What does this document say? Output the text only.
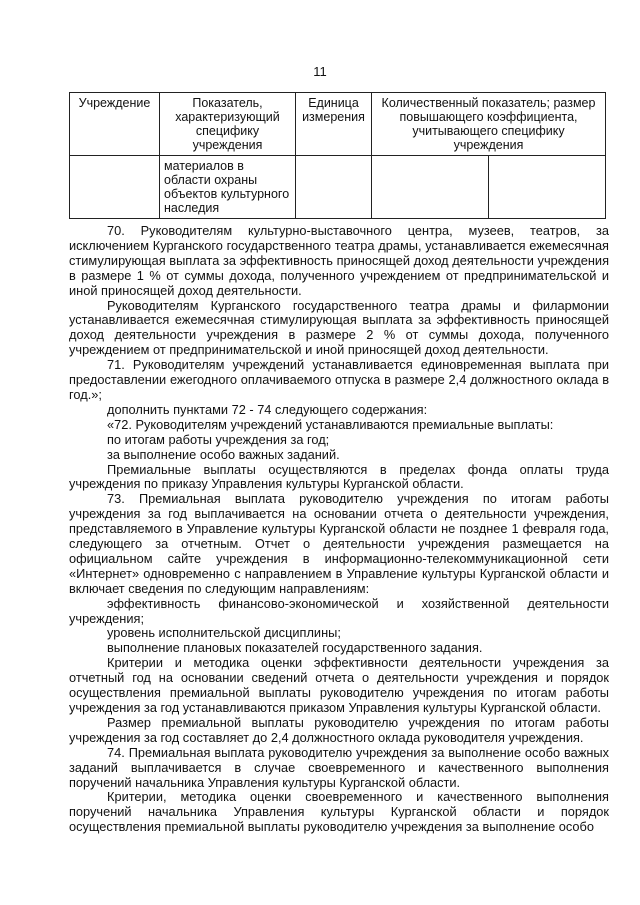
11
Учреждение	Показатель, характеризующий специфику учреждения	Единица измерения	Количественный показатель; размер повышающего коэффициента, учитывающего специфику учреждения	
	материалов в области охраны объектов культурного наследия			

70. Руководителям культурно-выставочного центра, музеев, театров, за исключением Курганского государственного театра драмы, устанавливается ежемесячная стимулирующая выплата за эффективность приносящей доход деятельности учреждения в размере 1 % от суммы дохода, полученного учреждением от предпринимательской и иной приносящей доход деятельности.

Руководителям Курганского государственного театра драмы и филармонии устанавливается ежемесячная стимулирующая выплата за эффективность приносящей доход деятельности учреждения в размере 2 % от суммы дохода, полученного учреждением от предпринимательской и иной приносящей доход деятельности.

71. Руководителям учреждений устанавливается единовременная выплата при предоставлении ежегодного оплачиваемого отпуска в размере 2,4 должностного оклада в год.»;

дополнить пунктами 72 - 74 следующего содержания:

«72. Руководителям учреждений устанавливаются премиальные выплаты:

по итогам работы учреждения за год;

за выполнение особо важных заданий.

Премиальные выплаты осуществляются в пределах фонда оплаты труда учреждения по приказу Управления культуры Курганской области.

73. Премиальная выплата руководителю учреждения по итогам работы учреждения за год выплачивается на основании отчета о деятельности учреждения, представляемого в Управление культуры Курганской области не позднее 1 февраля года, следующего за отчетным. Отчет о деятельности учреждения размещается на официальном сайте учреждения в информационно-телекоммуникационной сети «Интернет» одновременно с направлением в Управление культуры Курганской области и включает сведения по следующим направлениям:

эффективность финансово-экономической и хозяйственной деятельности учреждения;

уровень исполнительской дисциплины;

выполнение плановых показателей государственного задания.

Критерии и методика оценки эффективности деятельности учреждения за отчетный год на основании сведений отчета о деятельности учреждения и порядок осуществления премиальной выплаты руководителю учреждения по итогам работы учреждения за год устанавливаются приказом Управления культуры Курганской области.

Размер премиальной выплаты руководителю учреждения по итогам работы учреждения за год составляет до 2,4 должностного оклада руководителя учреждения.

74. Премиальная выплата руководителю учреждения за выполнение особо важных заданий выплачивается в случае своевременного и качественного выполнения поручений начальника Управления культуры Курганской области.

Критерии, методика оценки своевременного и качественного выполнения поручений начальника Управления культуры Курганской области и порядок осуществления премиальной выплаты руководителю учреждения за выполнение особо
